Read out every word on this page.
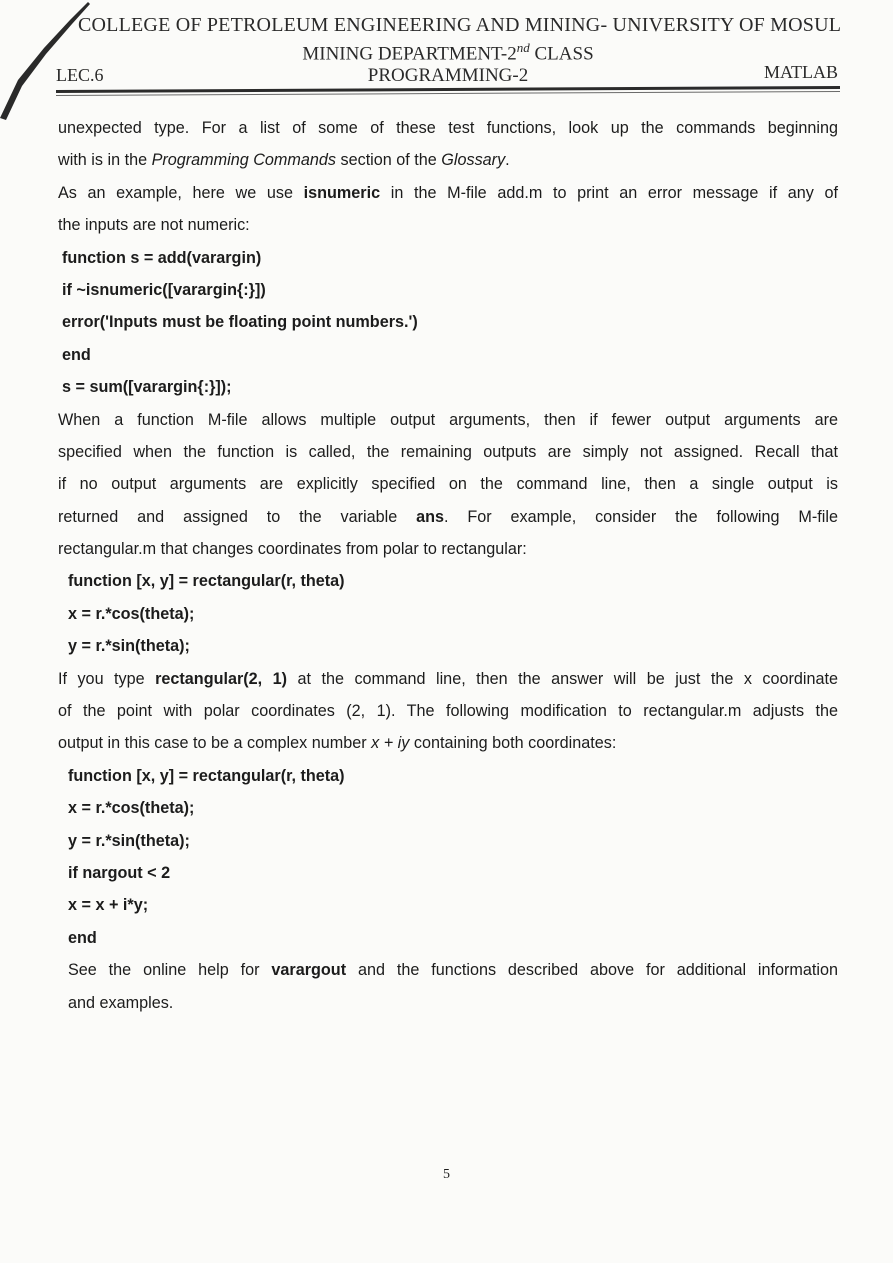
COLLEGE OF PETROLEUM ENGINEERING AND MINING- UNIVERSITY OF MOSUL
MINING DEPARTMENT-2nd CLASS
LEC.6	PROGRAMMING-2	MATLAB
unexpected type. For a list of some of these test functions, look up the commands beginning
with is in the Programming Commands section of the Glossary.
As an example, here we use isnumeric in the M-file add.m to print an error message if any of
the inputs are not numeric:
function s = add(varargin)
if ~isnumeric([varargin{:}])
error('Inputs must be floating point numbers.')
end
s = sum([varargin{:}]);
When a function M-file allows multiple output arguments, then if fewer output arguments are
specified when the function is called, the remaining outputs are simply not assigned. Recall that
if no output arguments are explicitly specified on the command line, then a single output is
returned and assigned to the variable ans. For example, consider the following M-file
rectangular.m that changes coordinates from polar to rectangular:
function [x, y] = rectangular(r, theta)
x = r.*cos(theta);
y = r.*sin(theta);
If you type rectangular(2, 1) at the command line, then the answer will be just the x coordinate
of the point with polar coordinates (2, 1). The following modification to rectangular.m adjusts the
output in this case to be a complex number x + iy containing both coordinates:
function [x, y] = rectangular(r, theta)
x = r.*cos(theta);
y = r.*sin(theta);
if nargout < 2
x = x + i*y;
end
See the online help for varargout and the functions described above for additional information
and examples.
5
